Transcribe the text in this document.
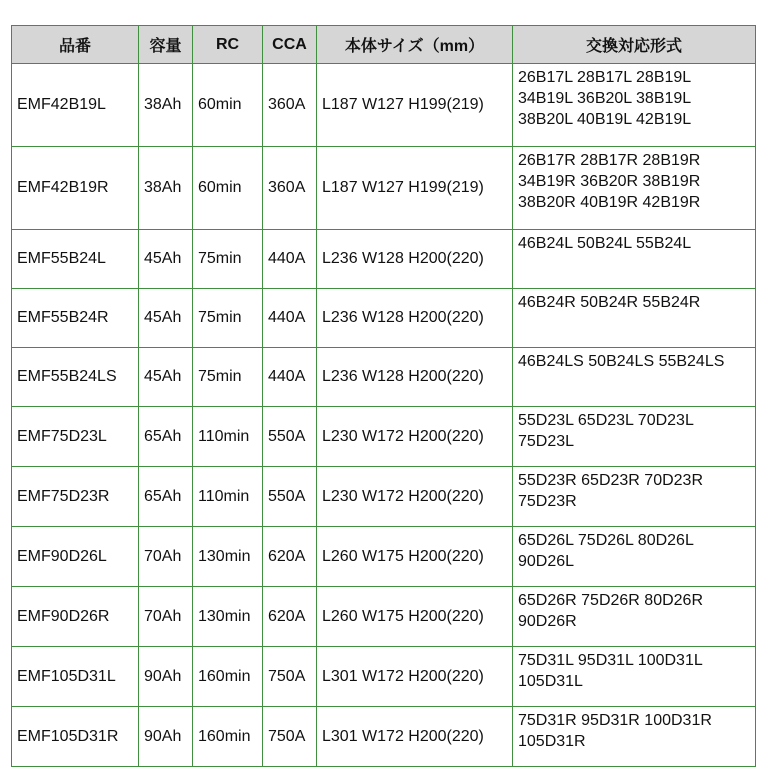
品番	容量	RC	CCA	本体サイズ（mm）	交換対応形式
EMF42B19L	38Ah	60min	360A	L187 W127 H199(219)	26B17L 28B17L 28B19L
34B19L 36B20L 38B19L
38B20L 40B19L 42B19L

EMF42B19R	38Ah	60min	360A	L187 W127 H199(219)	26B17R 28B17R 28B19R
34B19R 36B20R 38B19R
38B20R 40B19R 42B19R

EMF55B24L	45Ah	75min	440A	L236 W128 H200(220)	46B24L 50B24L 55B24L

EMF55B24R	45Ah	75min	440A	L236 W128 H200(220)	46B24R 50B24R 55B24R

EMF55B24LS	45Ah	75min	440A	L236 W128 H200(220)	46B24LS 50B24LS 55B24LS

EMF75D23L	65Ah	110min	550A	L230 W172 H200(220)	55D23L 65D23L 70D23L
75D23L

EMF75D23R	65Ah	110min	550A	L230 W172 H200(220)	55D23R 65D23R 70D23R
75D23R

EMF90D26L	70Ah	130min	620A	L260 W175 H200(220)	65D26L 75D26L 80D26L
90D26L

EMF90D26R	70Ah	130min	620A	L260 W175 H200(220)	65D26R 75D26R 80D26R
90D26R

EMF105D31L	90Ah	160min	750A	L301 W172 H200(220)	75D31L 95D31L 100D31L
105D31L

EMF105D31R	90Ah	160min	750A	L301 W172 H200(220)	75D31R 95D31R 100D31R
105D31R
